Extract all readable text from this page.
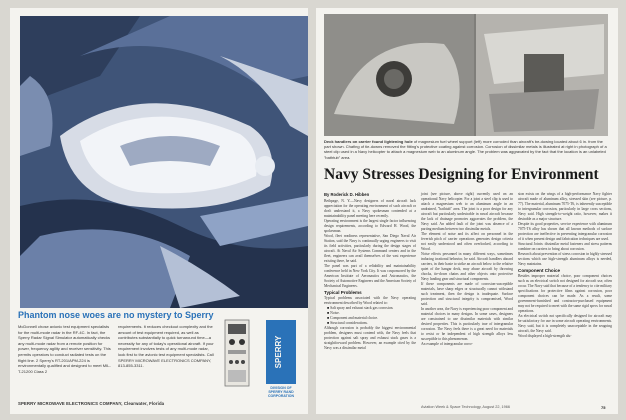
Phantom nose woes are no mystery to Sperry
McDonnell chose avionic test equipment specialists for the multi-mode radar in the RF-4C. In fact, the Sperry Radar Signal Simulator automatically checks any multi-mode radar from a remote position for power, frequency agility and receiver sensitivity. This permits operators to conduct radiated tests on the flight line. 2 Sperry's RT-201/APM-224 is environmentally qualified and designed to meet MIL-T-21200 Class 2
requirements. It reduces checkout complexity and the amount of test equipment required, as well as contributes substantially to quick turnaround time—a necessity for any of today's operational aircraft. If your requirement involves tests of any multi-mode radar, look first to the avionic test equipment specialists. Call SPERRY MICROWAVE ELECTRONICS COMPANY, 813-855-3311.	SPERRY
DIVISION OF
SPERRY RAND
CORPORATION
SPERRY MICROWAVE ELECTRONICS COMPANY, Clearwater, Florida
Deck handlers on carrier found lightening hole of magnesium fuel wheel support (left) more corroded than aircraft's be-dowing located about 6 in. from the part shown. Chafing of tie-downs removed the fitting's protective coating against corrosion. Corrosion of dissimilar metals is illustrated at right in photograph of a steel clip used in a Navy helicopter to attach a magnesium web to an aluminum angle. The problem was aggravated by the fact that the location is an unlabeled "bathtub" area.
Navy Stresses Designing for Environment
By Roderick D. Hibben

Bethpage, N. Y.—Navy designers of naval aircraft lack appreciation for the operating environment of such aircraft or don't understand it, a Navy spokesman contended at a maintainability panel meeting here recently.

Operating environment is the largest single factor influencing design requirements, according to Edward H. Wood, the spokesman.

Wood, fleet readiness representative, San Diego Naval Air Station, said the Navy is continually urging engineers to visit its field activities, particularly during the design stages of aircraft. At Naval Air Systems Command centers and in the fleet, engineers can avail themselves of the vast experience existing there, he said.

The panel was part of a reliability and maintainability conference held in New York City. It was cosponsored by the American Institute of Aeronautics and Astronautics, the Society of Automotive Engineers and the American Society of Mechanical Engineers.

Typical Problems

Typical problems associated with the Navy operating environment described by Wood related to:

■ Salt spray and exhaust stack gas corrosion.

■ Noise.

■ Component and material choice.

■ Structural considerations.

Although corrosion is probably the biggest environmental problem, designers must contend with, the Navy feels that protection against salt spray and exhaust stack gases is a straightforward problem. However, an example cited by the Navy was a dissimilar metal

joint (see picture, above right) currently used on an operational Navy helicopter. For a joint a steel clip is used to attach a magnesium web to an aluminum angle in an undrained, "bathtub" area. The joint is a poor design for any aircraft but particularly undesirable in naval aircraft because the lack of drainage promotes aggravates the problem, the Navy said. An added fault of the joint was absence of a parting medium between two dissimilar metals.

The element of noise and its affect on personnel in the feverish pitch of carrier operations generates design criteria not easily understood and often overlooked, according to Wood.

Noise effects personnel in many different ways, sometimes inducing irrational behavior, he said. Aircraft handlers aboard carriers, in their haste to strike an aircraft below to the relative quiet of the hangar deck, may abuse aircraft by throwing chocks, tie-down chains and other objects onto protective Navy landing gear and structural components.

If these components are made of corrosion-susceptible materials, have sharp edges or structurally cannot withstand such treatment, then the design is inadequate. Surface protection and structural integrity is compromised, Wood said.

In another area, the Navy is experiencing poor component and material choices in many designs. In some cases, designers are constrained to use dissimilar materials with similar desired properties. This is particularly true of intergranular corrosion. The Navy feels there is a great need for materials to resist or be independent of high strength alloys less susceptible to this phenomenon.

An example of intergranular corro-

sion exists on the wings of a high-performance Navy fighter aircraft made of aluminum alloy, stressed skin (see picture, p. 77). The material, aluminum 7075-T6, is inherently susceptible to intergranular corrosion, particularly in large cross sections, Navy said. High strength-to-weight ratio, however, makes it desirable as a major structure.

Despite its good properties, service experience with aluminum 7075-T6 alloy has shown that all known methods of surface protection are ineffective in preventing intergranular corrosion of it when present design and fabrication techniques are used.

Structural Joints: dissimilar metal fasteners and stress patterns combine on carriers to bring about corrosion.

Research about prevention of stress corrosion in highly stressed sections which use high-strength aluminum alloys is needed, Navy maintains.

Component Choice

Besides improper material choice, poor component choices such as an electrical switch not designed for aircraft use, often occur. The Navy said that because of a tendency to cite military specifications for protective films against corrosion, poor component choices can be made. As a result, some government-furnished and contractor-purchased equipment may not be required to meet with the same rigid specs for naval operations.

An electrical switch not specifically designed for aircraft may be satisfactory for use in some aircraft operating environments. Navy said, but it is completely unacceptable in the seagoing aircraft, the Navy said.

Wood displayed a high-strength alu-

Aviation Week & Space Technology, August 22, 1966	75
